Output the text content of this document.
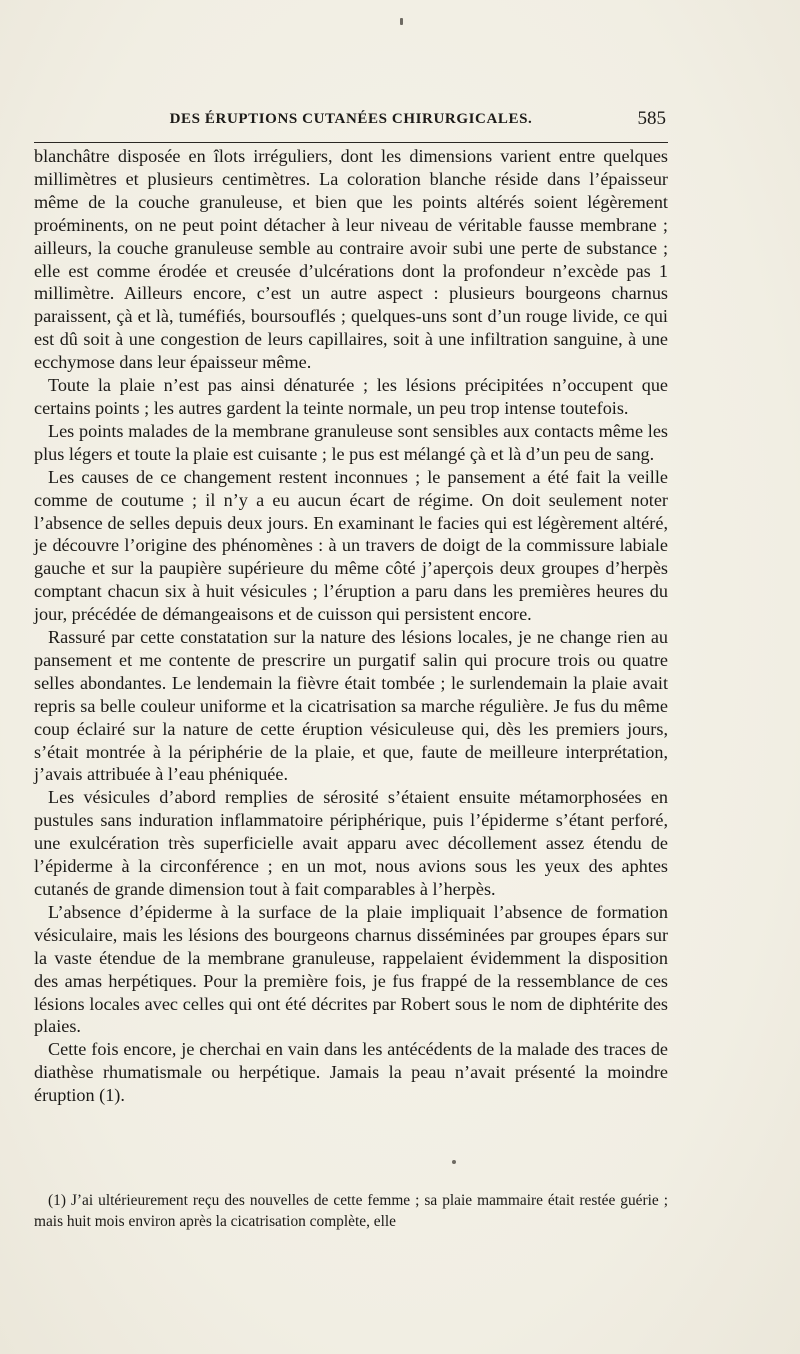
DES ÉRUPTIONS CUTANÉES CHIRURGICALES.	585

blanchâtre disposée en îlots irréguliers, dont les dimensions varient entre quelques millimètres et plusieurs centimètres. La coloration blanche réside dans l’épaisseur même de la couche granuleuse, et bien que les points altérés soient légèrement proéminents, on ne peut point détacher à leur niveau de véritable fausse membrane ; ailleurs, la couche granuleuse semble au contraire avoir subi une perte de substance ; elle est comme érodée et creusée d’ulcérations dont la profondeur n’excède pas 1 millimètre. Ailleurs encore, c’est un autre aspect : plusieurs bourgeons charnus paraissent, çà et là, tuméfiés, boursouflés ; quelques-uns sont d’un rouge livide, ce qui est dû soit à une congestion de leurs capillaires, soit à une infiltration sanguine, à une ecchymose dans leur épaisseur même.

Toute la plaie n’est pas ainsi dénaturée ; les lésions précipitées n’occupent que certains points ; les autres gardent la teinte normale, un peu trop intense toutefois.

Les points malades de la membrane granuleuse sont sensibles aux contacts même les plus légers et toute la plaie est cuisante ; le pus est mélangé çà et là d’un peu de sang.

Les causes de ce changement restent inconnues ; le pansement a été fait la veille comme de coutume ; il n’y a eu aucun écart de régime. On doit seulement noter l’absence de selles depuis deux jours. En examinant le facies qui est légèrement altéré, je découvre l’origine des phénomènes : à un travers de doigt de la commissure labiale gauche et sur la paupière supérieure du même côté j’aperçois deux groupes d’herpès comptant chacun six à huit vésicules ; l’éruption a paru dans les premières heures du jour, précédée de démangeaisons et de cuisson qui persistent encore.

Rassuré par cette constatation sur la nature des lésions locales, je ne change rien au pansement et me contente de prescrire un purgatif salin qui procure trois ou quatre selles abondantes. Le lendemain la fièvre était tombée ; le surlendemain la plaie avait repris sa belle couleur uniforme et la cicatrisation sa marche régulière. Je fus du même coup éclairé sur la nature de cette éruption vésiculeuse qui, dès les premiers jours, s’était montrée à la périphérie de la plaie, et que, faute de meilleure interprétation, j’avais attribuée à l’eau phéniquée.

Les vésicules d’abord remplies de sérosité s’étaient ensuite métamorphosées en pustules sans induration inflammatoire périphérique, puis l’épiderme s’étant perforé, une exulcération très superficielle avait apparu avec décollement assez étendu de l’épiderme à la circonférence ; en un mot, nous avions sous les yeux des aphtes cutanés de grande dimension tout à fait comparables à l’herpès.

L’absence d’épiderme à la surface de la plaie impliquait l’absence de formation vésiculaire, mais les lésions des bourgeons charnus disséminées par groupes épars sur la vaste étendue de la membrane granuleuse, rappelaient évidemment la disposition des amas herpétiques. Pour la première fois, je fus frappé de la ressemblance de ces lésions locales avec celles qui ont été décrites par Robert sous le nom de diphtérite des plaies.

Cette fois encore, je cherchai en vain dans les antécédents de la malade des traces de diathèse rhumatismale ou herpétique. Jamais la peau n’avait présenté la moindre éruption (1).

(1) J’ai ultérieurement reçu des nouvelles de cette femme ; sa plaie mammaire était restée guérie ; mais huit mois environ après la cicatrisation complète, elle
